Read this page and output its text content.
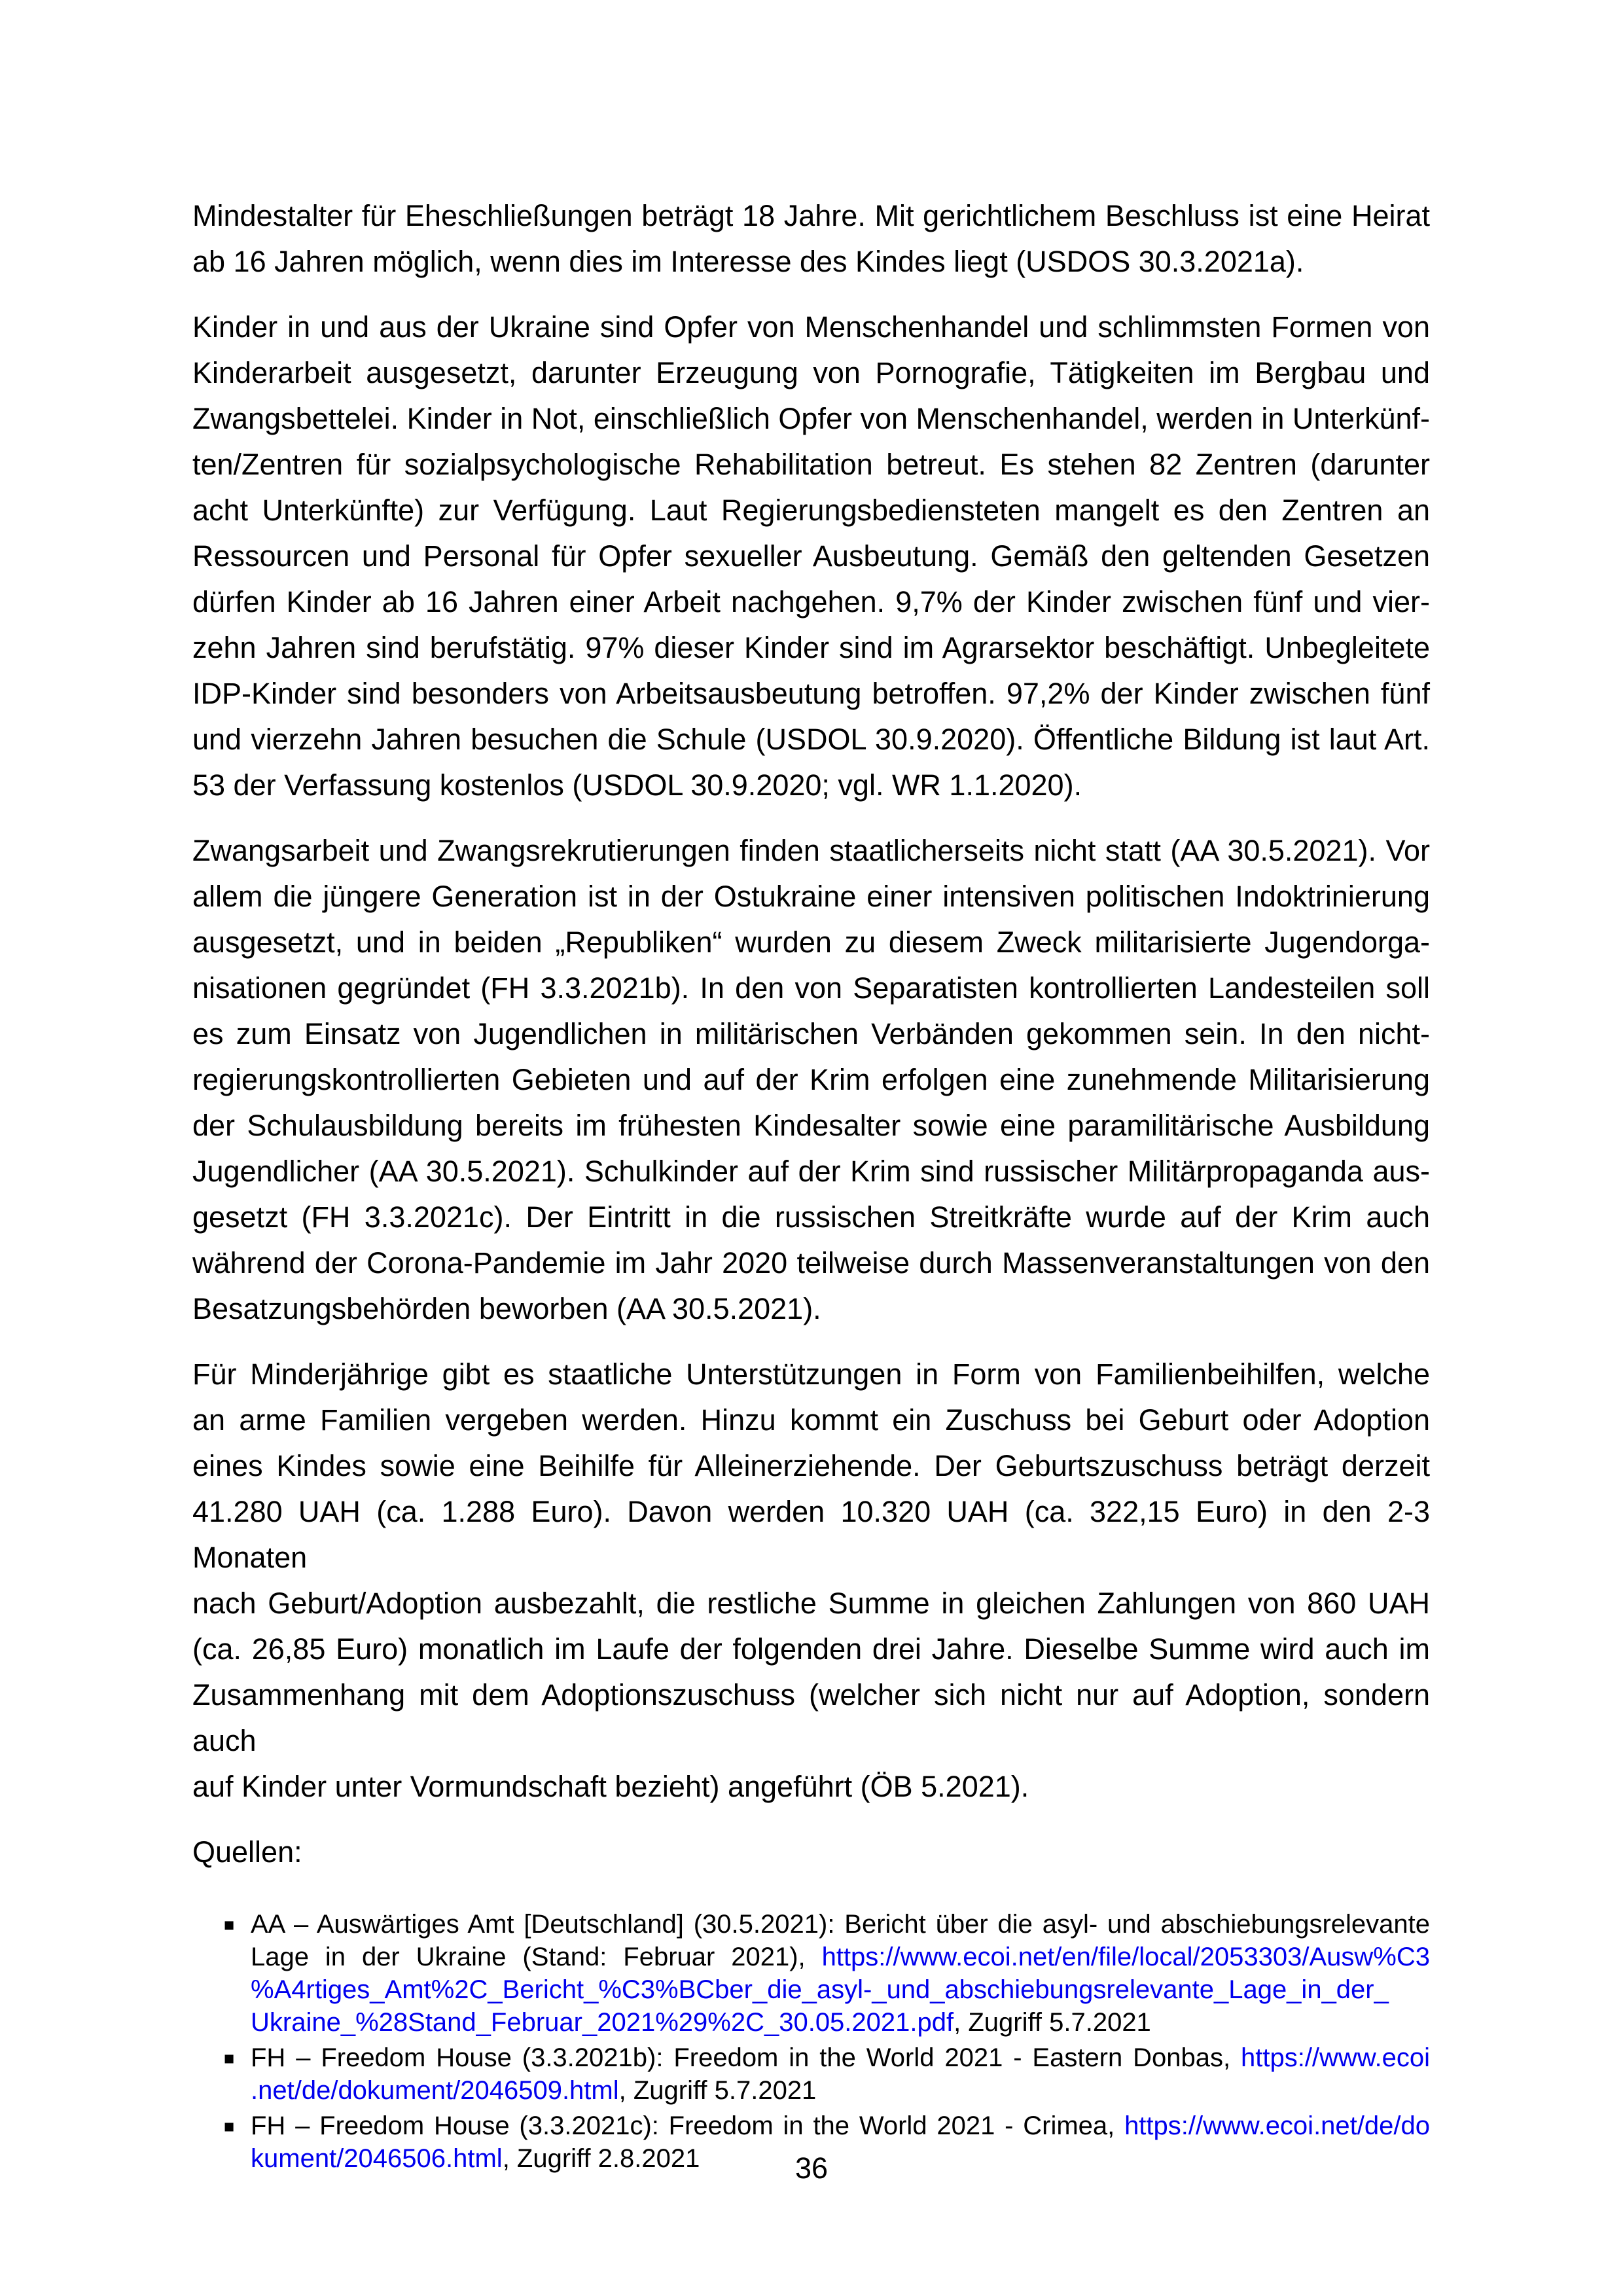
Mindestalter für Eheschließungen beträgt 18 Jahre. Mit gerichtlichem Beschluss ist eine Heirat
ab 16 Jahren möglich, wenn dies im Interesse des Kindes liegt (USDOS 30.3.2021a).

Kinder in und aus der Ukraine sind Opfer von Menschenhandel und schlimmsten Formen von
Kinderarbeit ausgesetzt, darunter Erzeugung von Pornografie, Tätigkeiten im Bergbau und
Zwangsbettelei. Kinder in Not, einschließlich Opfer von Menschenhandel, werden in Unterkünf-
ten/Zentren für sozialpsychologische Rehabilitation betreut. Es stehen 82 Zentren (darunter
acht Unterkünfte) zur Verfügung. Laut Regierungsbediensteten mangelt es den Zentren an
Ressourcen und Personal für Opfer sexueller Ausbeutung. Gemäß den geltenden Gesetzen
dürfen Kinder ab 16 Jahren einer Arbeit nachgehen. 9,7% der Kinder zwischen fünf und vier-
zehn Jahren sind berufstätig. 97% dieser Kinder sind im Agrarsektor beschäftigt. Unbegleitete
IDP-Kinder sind besonders von Arbeitsausbeutung betroffen. 97,2% der Kinder zwischen fünf
und vierzehn Jahren besuchen die Schule (USDOL 30.9.2020). Öffentliche Bildung ist laut Art.
53 der Verfassung kostenlos (USDOL 30.9.2020; vgl. WR 1.1.2020).

Zwangsarbeit und Zwangsrekrutierungen finden staatlicherseits nicht statt (AA 30.5.2021). Vor
allem die jüngere Generation ist in der Ostukraine einer intensiven politischen Indoktrinierung
ausgesetzt, und in beiden „Republiken“ wurden zu diesem Zweck militarisierte Jugendorga-
nisationen gegründet (FH 3.3.2021b). In den von Separatisten kontrollierten Landesteilen soll
es zum Einsatz von Jugendlichen in militärischen Verbänden gekommen sein. In den nicht-
regierungskontrollierten Gebieten und auf der Krim erfolgen eine zunehmende Militarisierung
der Schulausbildung bereits im frühesten Kindesalter sowie eine paramilitärische Ausbildung
Jugendlicher (AA 30.5.2021). Schulkinder auf der Krim sind russischer Militärpropaganda aus-
gesetzt (FH 3.3.2021c). Der Eintritt in die russischen Streitkräfte wurde auf der Krim auch
während der Corona-Pandemie im Jahr 2020 teilweise durch Massenveranstaltungen von den
Besatzungsbehörden beworben (AA 30.5.2021).

Für Minderjährige gibt es staatliche Unterstützungen in Form von Familienbeihilfen, welche
an arme Familien vergeben werden. Hinzu kommt ein Zuschuss bei Geburt oder Adoption
eines Kindes sowie eine Beihilfe für Alleinerziehende. Der Geburtszuschuss beträgt derzeit
41.280 UAH (ca. 1.288 Euro). Davon werden 10.320 UAH (ca. 322,15 Euro) in den 2-3 Monaten
nach Geburt/Adoption ausbezahlt, die restliche Summe in gleichen Zahlungen von 860 UAH
(ca. 26,85 Euro) monatlich im Laufe der folgenden drei Jahre. Dieselbe Summe wird auch im
Zusammenhang mit dem Adoptionszuschuss (welcher sich nicht nur auf Adoption, sondern auch
auf Kinder unter Vormundschaft bezieht) angeführt (ÖB 5.2021).

Quellen:
■ AA – Auswärtiges Amt [Deutschland] (30.5.2021): Bericht über die asyl- und abschiebungsrelevante
Lage in der Ukraine (Stand: Februar 2021), https://www.ecoi.net/en/file/local/2053303/Ausw%C3
%A4rtiges_Amt%2C_Bericht_%C3%BCber_die_asyl-_und_abschiebungsrelevante_Lage_in_der_
Ukraine_%28Stand_Februar_2021%29%2C_30.05.2021.pdf, Zugriff 5.7.2021
■ FH – Freedom House (3.3.2021b): Freedom in the World 2021 - Eastern Donbas, https://www.ecoi
.net/de/dokument/2046509.html, Zugriff 5.7.2021
■ FH – Freedom House (3.3.2021c): Freedom in the World 2021 - Crimea, https://www.ecoi.net/de/do
kument/2046506.html, Zugriff 2.8.2021	36
